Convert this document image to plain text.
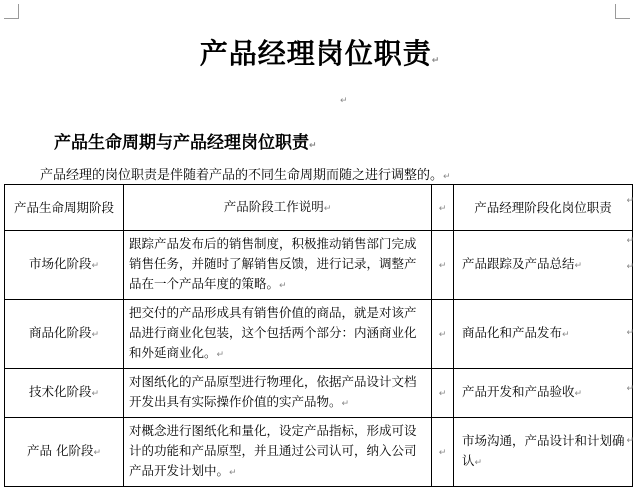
产品经理岗位职责↵
↵
产品生命周期与产品经理岗位职责↵
产品经理的岗位职责是伴随着产品的不同生命周期而随之进行调整的。↵
产品生命周期阶段	产品阶段工作说明↵	↵	产品经理阶段化岗位职责
市场化阶段↵	跟踪产品发布后的销售制度，积极推动销售部门完成销售任务，并随时了解销售反馈，进行记录，调整产品在一个产品年度的策略。↵	↵	产品跟踪及产品总结↵
商品化阶段↵	把交付的产品形成具有销售价值的商品，就是对该产品进行商业化包装，这个包括两个部分：内涵商业化和外延商业化。↵	↵	商品化和产品发布↵
技术化阶段↵	对图纸化的产品原型进行物理化，依据产品设计文档开发出具有实际操作价值的实产品物。↵	↵	产品开发和产品验收↵
产品 化阶段↵	对概念进行图纸化和量化，设定产品指标，形成可设计的功能和产品原型，并且通过公司认可，纳入公司产品开发计划中。↵	↵	市场沟通，产品设计和计划确认↵
↵
↵
↵
↵
↵
↵
